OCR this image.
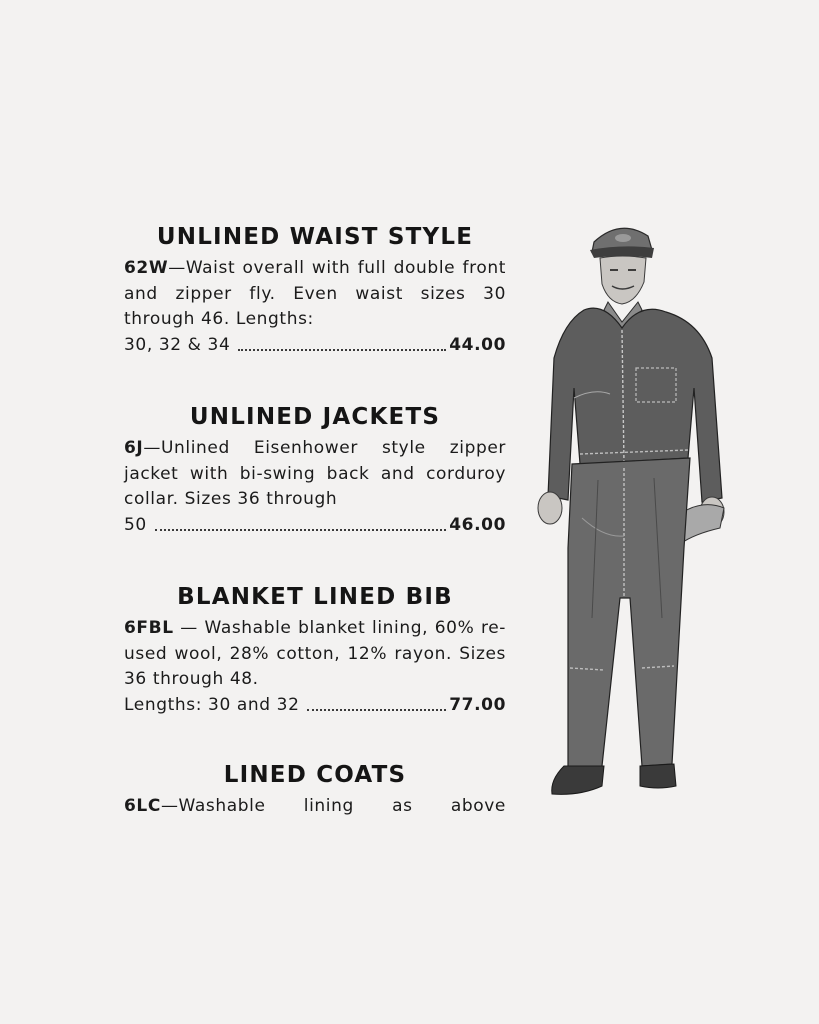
UNLINED WAIST STYLE

62W—Waist overall with full double front and zipper fly. Even waist sizes 30 through 46. Lengths:

30, 32 & 34	44.00
UNLINED JACKETS

6J—Unlined Eisenhower style zipper jacket with bi-swing back and corduroy collar. Sizes 36 through

50	46.00
BLANKET LINED BIB

6FBL — Washable blanket lining, 60% re-used wool, 28% cotton, 12% rayon. Sizes 36 through 48.

Lengths: 30 and 32	77.00
LINED COATS

6LC—Washable lining as above
